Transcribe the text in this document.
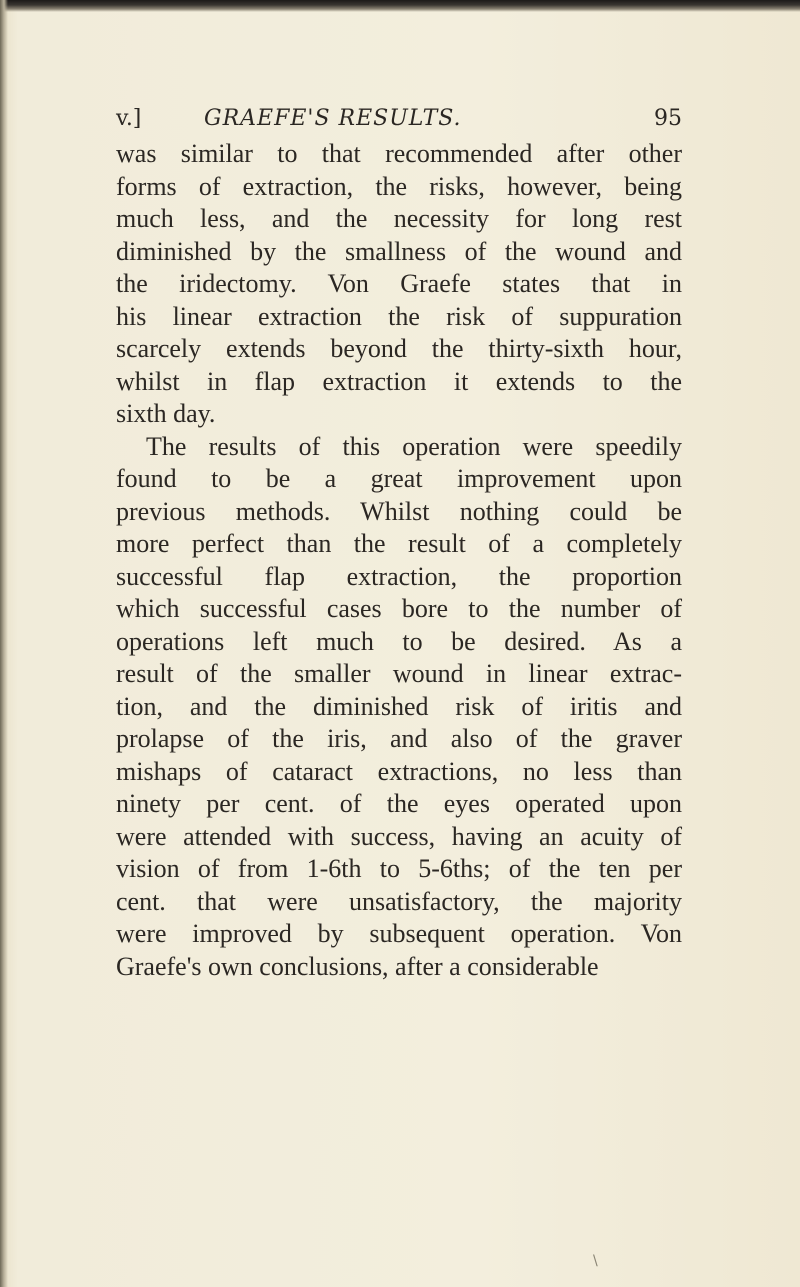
v.]	GRAEFE'S RESULTS.	95
was similar to that recommended after other
forms of extraction, the risks, however, being
much less, and the necessity for long rest
diminished by the smallness of the wound and
the iridectomy. Von Graefe states that in
his linear extraction the risk of suppuration
scarcely extends beyond the thirty-sixth hour,
whilst in flap extraction it extends to the
sixth day.
The results of this operation were speedily
found to be a great improvement upon
previous methods. Whilst nothing could be
more perfect than the result of a completely
successful flap extraction, the proportion
which successful cases bore to the number of
operations left much to be desired. As a
result of the smaller wound in linear extrac-
tion, and the diminished risk of iritis and
prolapse of the iris, and also of the graver
mishaps of cataract extractions, no less than
ninety per cent. of the eyes operated upon
were attended with success, having an acuity of
vision of from 1-6th to 5-6ths; of the ten per
cent. that were unsatisfactory, the majority
were improved by subsequent operation. Von
Graefe's own conclusions, after a considerable
\
